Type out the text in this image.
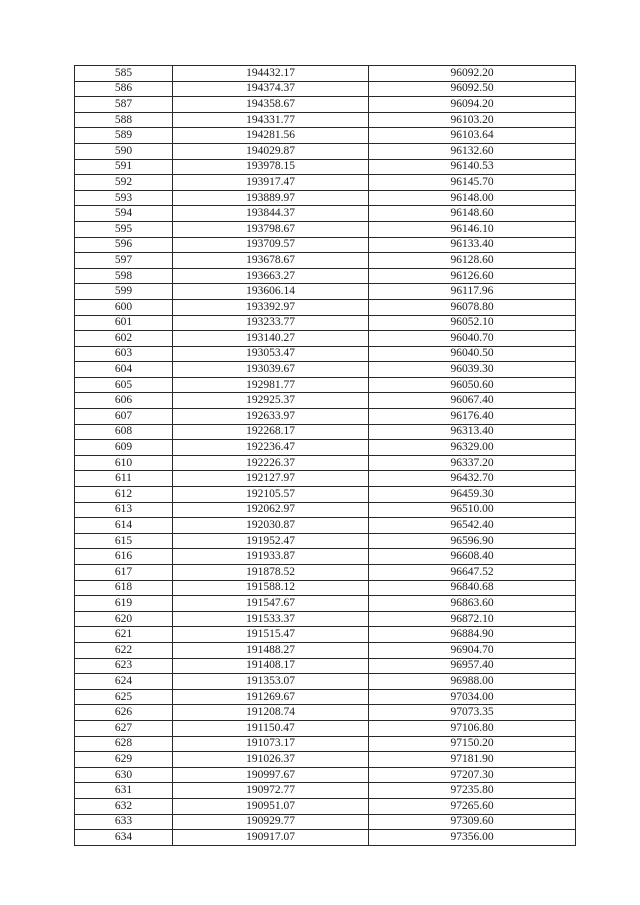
585	194432.17	96092.20
586	194374.37	96092.50
587	194358.67	96094.20
588	194331.77	96103.20
589	194281.56	96103.64
590	194029.87	96132.60
591	193978.15	96140.53
592	193917.47	96145.70
593	193889.97	96148.00
594	193844.37	96148.60
595	193798.67	96146.10
596	193709.57	96133.40
597	193678.67	96128.60
598	193663.27	96126.60
599	193606.14	96117.96
600	193392.97	96078.80
601	193233.77	96052.10
602	193140.27	96040.70
603	193053.47	96040.50
604	193039.67	96039.30
605	192981.77	96050.60
606	192925.37	96067.40
607	192633.97	96176.40
608	192268.17	96313.40
609	192236.47	96329.00
610	192226.37	96337.20
611	192127.97	96432.70
612	192105.57	96459.30
613	192062.97	96510.00
614	192030.87	96542.40
615	191952.47	96596.90
616	191933.87	96608.40
617	191878.52	96647.52
618	191588.12	96840.68
619	191547.67	96863.60
620	191533.37	96872.10
621	191515.47	96884.90
622	191488.27	96904.70
623	191408.17	96957.40
624	191353.07	96988.00
625	191269.67	97034.00
626	191208.74	97073.35
627	191150.47	97106.80
628	191073.17	97150.20
629	191026.37	97181.90
630	190997.67	97207.30
631	190972.77	97235.80
632	190951.07	97265.60
633	190929.77	97309.60
634	190917.07	97356.00
